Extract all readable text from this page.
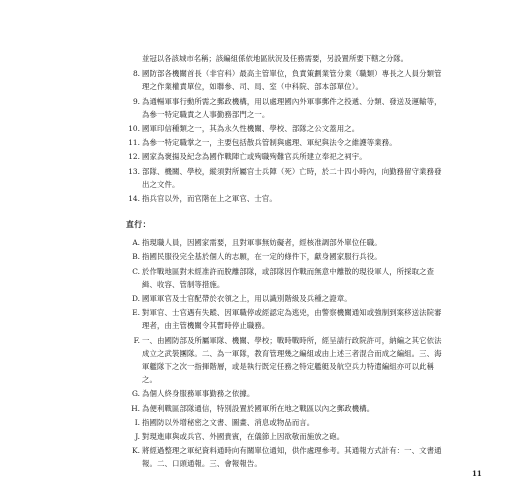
並冠以各該城市名稱；該編組係依地區狀況及任務需要，另設置所要下轄之分隊。

8. 國防部各機關首長（非官科）最高主管單位，負責策劃業管分業（職類）專長之人員分類管理之作業權責單位，如聯參、司、局、室（中科院、部本部單位）。
9. 為通暢軍事行動所需之郵政機構，用以處理國內外軍事郵件之投遞、分類、發送及運輸等，為參一特定職責之人事勤務部門之一。
10. 國軍印信種類之一，其為永久性機關、學校、部隊之公文蓋用之。
11. 為參一特定職掌之一，主要包括散兵管制與處理、軍紀與法令之維護等業務。
12. 國家為褒揚及紀念為國作戰陣亡或殉職殉難官兵所建立奉祀之祠宇。
13. 部隊、機關、學校，縱須對所屬官士兵陣（死）亡時，於二十四小時內，向勤務留守業務發出之文件。
14. 指兵官以外，而官階在上之軍官、士官。
直行：
A. 指現職人員，因國家需要，且對軍事無妨礙者，經核准調部外單位任職。
B. 指國民服役完全基於個人的志願，在一定的條件下，獻身國家服行兵役。
C. 於作戰地區對未經准許而脫離部隊，或部隊因作戰而無意中離散的現役軍人，所採取之查緝、收容、管制等措施。
D. 國軍軍官及士官配帶於衣領之上，用以識別階級及兵種之證章。
E. 對軍官、士官遇有失蹤、因軍職停或經認定為逃兇，由警察機關通知或強制到案移送法院審理者，由主管機關令其暫時停止職務。
F. 一、由國防部及所屬軍隊、機關、學校；戰時戰時所，經呈請行政院許可，納編之其它依法成立之武裝團隊。二、為一軍隊，教育管理幾之編組或由上述三者混合而成之編組。三、海軍艦隊下之次一指揮階層，或是執行既定任務之特定艦艇及航空兵力特遣編組亦可以此稱之。
G. 為個人終身服務軍事勤務之依據。
H. 為便利戰區部隊通信，特別設置於國軍所在地之戰區以內之郵政機構。
I. 指國防以外增秘密之文書、圖畫、消息或物品而言。
J. 對現進庫與或兵官、外國貴賓，在儀節上因欲敬而施放之砲。
K. 將經過整理之軍紀資料通時向有關單位通知，供作處理參考。其通報方式計有：一、文書通報。二、口頭通報。三、會報報告。
11
